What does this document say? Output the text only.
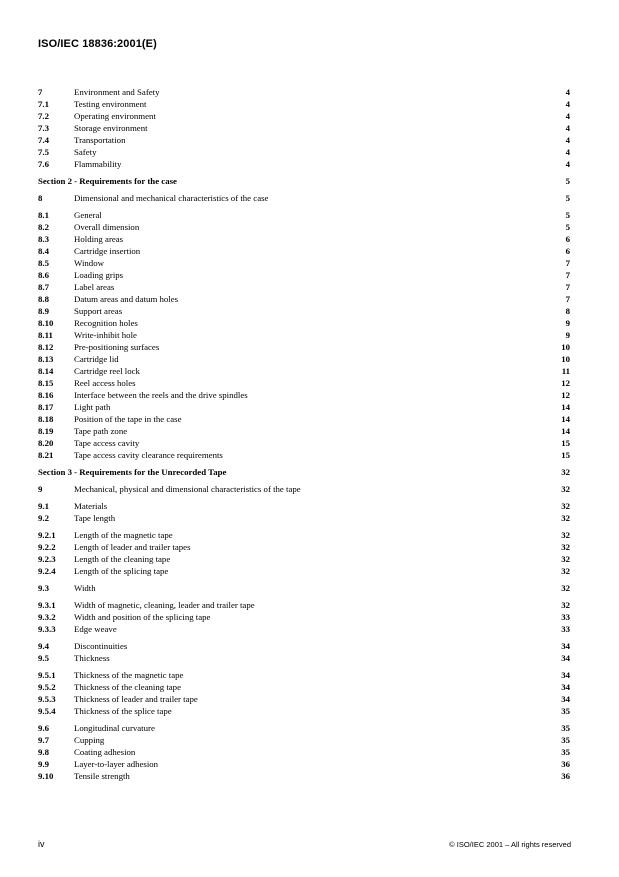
ISO/IEC 18836:2001(E)
7	Environment and Safety	4
7.1	Testing environment	4
7.2	Operating environment	4
7.3	Storage environment	4
7.4	Transportation	4
7.5	Safety	4
7.6	Flammability	4
Section 2 - Requirements for the case	5
8	Dimensional and mechanical characteristics of the case	5
8.1	General	5
8.2	Overall dimension	5
8.3	Holding areas	6
8.4	Cartridge insertion	6
8.5	Window	7
8.6	Loading grips	7
8.7	Label areas	7
8.8	Datum areas and datum holes	7
8.9	Support areas	8
8.10 Recognition holes	9
8.11 Write-inhibit hole	9
8.12 Pre-positioning surfaces	10
8.13 Cartridge lid	10
8.14 Cartridge reel lock	11
8.15 Reel access holes	12
8.16 Interface between the reels and the drive spindles	12
8.17 Light path	14
8.18 Position of the tape in the case	14
8.19 Tape path zone	14
8.20 Tape access cavity	15
8.21 Tape access cavity clearance requirements	15
Section 3 - Requirements for the Unrecorded Tape	32
9	Mechanical, physical and dimensional characteristics of the tape	32
9.1	Materials	32
9.2	Tape length	32
9.2.1 Length of the magnetic tape	32
9.2.2 Length of leader and trailer tapes	32
9.2.3 Length of the cleaning tape	32
9.2.4 Length of the splicing tape	32
9.3	Width	32
9.3.1 Width of magnetic, cleaning, leader and trailer tape	32
9.3.2 Width and position of the splicing tape	33
9.3.3 Edge weave	33
9.4	Discontinuities	34
9.5	Thickness	34
9.5.1 Thickness of the magnetic tape	34
9.5.2 Thickness of the cleaning tape	34
9.5.3 Thickness of leader and trailer tape	34
9.5.4 Thickness of the splice tape	35
9.6	Longitudinal curvature	35
9.7	Cupping	35
9.8	Coating adhesion	35
9.9	Layer-to-layer adhesion	36
9.10 Tensile strength	36
iv	© ISO/IEC 2001 – All rights reserved
